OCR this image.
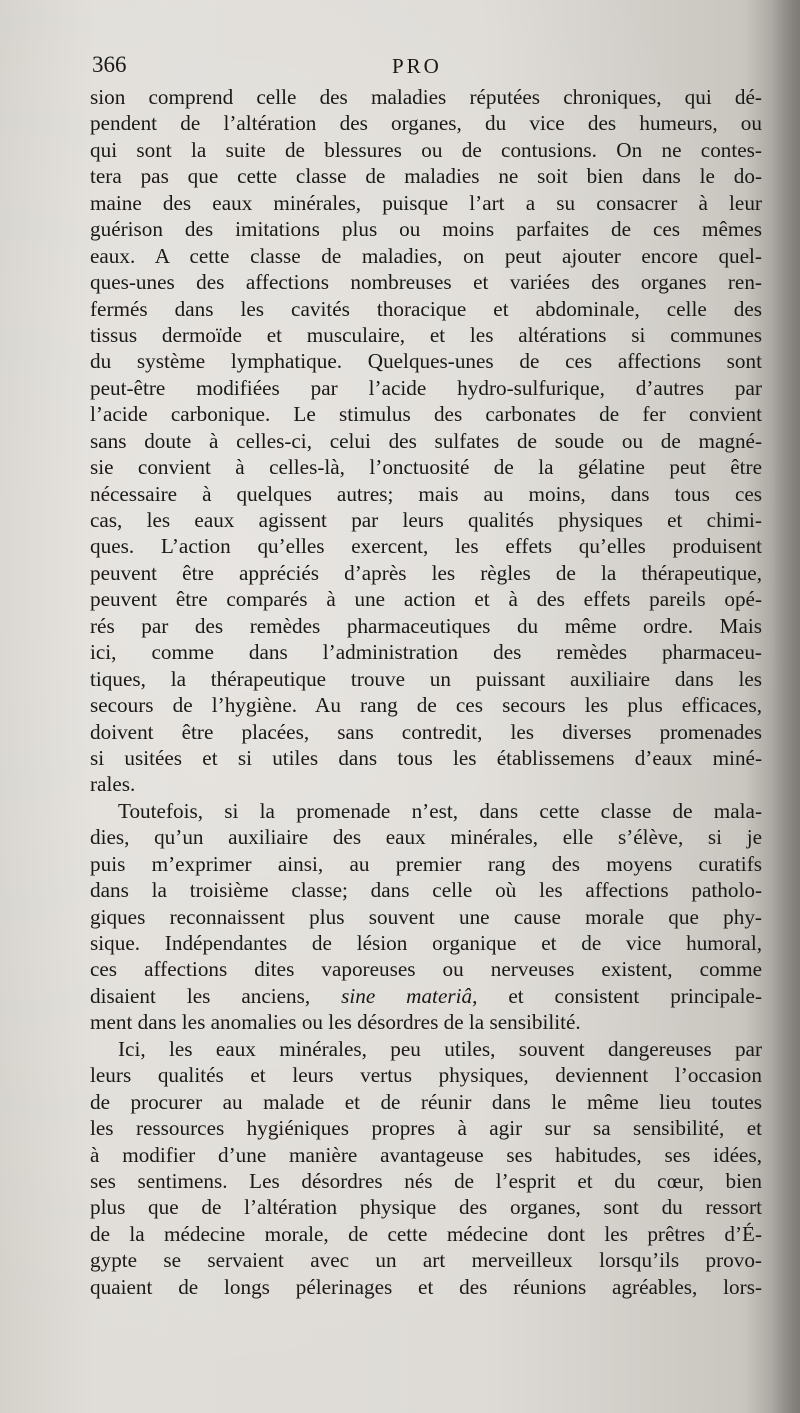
366	PRO
sion comprend celle des maladies réputées chroniques, qui dé-
pendent de l’altération des organes, du vice des humeurs, ou
qui sont la suite de blessures ou de contusions. On ne contes-
tera pas que cette classe de maladies ne soit bien dans le do-
maine des eaux minérales, puisque l’art a su consacrer à leur
guérison des imitations plus ou moins parfaites de ces mêmes
eaux. A cette classe de maladies, on peut ajouter encore quel-
ques-unes des affections nombreuses et variées des organes ren-
fermés dans les cavités thoracique et abdominale, celle des
tissus dermoïde et musculaire, et les altérations si communes
du système lymphatique. Quelques-unes de ces affections sont
peut-être modifiées par l’acide hydro-sulfurique, d’autres par
l’acide carbonique. Le stimulus des carbonates de fer convient
sans doute à celles-ci, celui des sulfates de soude ou de magné-
sie convient à celles-là, l’onctuosité de la gélatine peut être
nécessaire à quelques autres; mais au moins, dans tous ces
cas, les eaux agissent par leurs qualités physiques et chimi-
ques. L’action qu’elles exercent, les effets qu’elles produisent
peuvent être appréciés d’après les règles de la thérapeutique,
peuvent être comparés à une action et à des effets pareils opé-
rés par des remèdes pharmaceutiques du même ordre. Mais
ici, comme dans l’administration des remèdes pharmaceu-
tiques, la thérapeutique trouve un puissant auxiliaire dans les
secours de l’hygiène. Au rang de ces secours les plus efficaces,
doivent être placées, sans contredit, les diverses promenades
si usitées et si utiles dans tous les établissemens d’eaux miné-
rales.
Toutefois, si la promenade n’est, dans cette classe de mala-
dies, qu’un auxiliaire des eaux minérales, elle s’élève, si je
puis m’exprimer ainsi, au premier rang des moyens curatifs
dans la troisième classe; dans celle où les affections patholo-
giques reconnaissent plus souvent une cause morale que phy-
sique. Indépendantes de lésion organique et de vice humoral,
ces affections dites vaporeuses ou nerveuses existent, comme
disaient les anciens, sine materiâ, et consistent principale-
ment dans les anomalies ou les désordres de la sensibilité.
Ici, les eaux minérales, peu utiles, souvent dangereuses par
leurs qualités et leurs vertus physiques, deviennent l’occasion
de procurer au malade et de réunir dans le même lieu toutes
les ressources hygiéniques propres à agir sur sa sensibilité, et
à modifier d’une manière avantageuse ses habitudes, ses idées,
ses sentimens. Les désordres nés de l’esprit et du cœur, bien
plus que de l’altération physique des organes, sont du ressort
de la médecine morale, de cette médecine dont les prêtres d’É-
gypte se servaient avec un art merveilleux lorsqu’ils provo-
quaient de longs pélerinages et des réunions agréables, lors-
